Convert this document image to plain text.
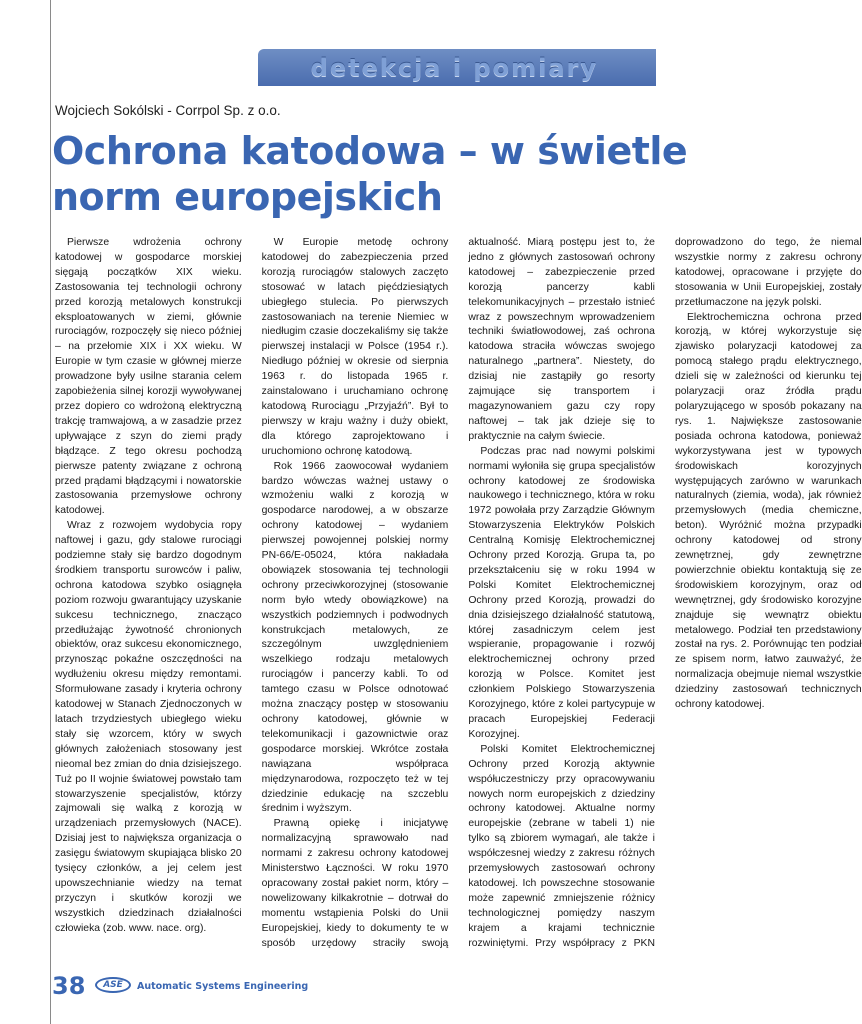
detekcja i pomiary
Wojciech Sokólski - Corrpol Sp. z o.o.
Ochrona katodowa – w świetle norm europejskich

Pierwsze wdrożenia ochrony katodowej w gospodarce morskiej sięgają początków XIX wieku. Zastosowania tej technologii ochrony przed korozją metalowych konstrukcji eksploatowanych w ziemi, głównie rurociągów, rozpoczęły się nieco później – na przełomie XIX i XX wieku. W Europie w tym czasie w głównej mierze prowadzone były usilne starania celem zapobieżenia silnej korozji wywoływanej przez dopiero co wdrożoną elektryczną trakcję tramwajową, a w zasadzie przez upływające z szyn do ziemi prądy błądzące. Z tego okresu pochodzą pierwsze patenty związane z ochroną przed prądami błądzącymi i nowatorskie zastosowania przemysłowe ochrony katodowej.

Wraz z rozwojem wydobycia ropy naftowej i gazu, gdy stalowe rurociągi podziemne stały się bardzo dogodnym środkiem transportu surowców i paliw, ochrona katodowa szybko osiągnęła poziom rozwoju gwarantujący uzyskanie sukcesu technicznego, znacząco przedłużając żywotność chronionych obiektów, oraz sukcesu ekonomicznego, przynosząc pokaźne oszczędności na wydłużeniu okresu między remontami. Sformułowane zasady i kryteria ochrony katodowej w Stanach Zjednoczonych w latach trzydziestych ubiegłego wieku stały się wzorcem, który w swych głównych założeniach stosowany jest nieomal bez zmian do dnia dzisiejszego. Tuż po II wojnie światowej powstało tam stowarzyszenie specjalistów, którzy zajmowali się walką z korozją w urządzeniach przemysłowych (NACE). Dzisiaj jest to największa organizacja o zasięgu światowym skupiająca blisko 20 tysięcy członków, a jej celem jest upowszechnianie wiedzy na temat przyczyn i skutków korozji we wszystkich dziedzinach działalności człowieka (zob. www. nace. org).

W Europie metodę ochrony katodowej do zabezpieczenia przed korozją rurociągów stalowych zaczęto stosować w latach pięćdziesiątych ubiegłego stulecia. Po pierwszych zastosowaniach na terenie Niemiec w niedługim czasie doczekaliśmy się także pierwszej instalacji w Polsce (1954 r.). Niedługo później w okresie od sierpnia 1963 r. do listopada 1965 r. zainstalowano i uruchamiano ochronę katodową Rurociągu „Przyjaźń”. Był to pierwszy w kraju ważny i duży obiekt, dla którego zaprojektowano i uruchomiono ochronę katodową.

Rok 1966 zaowocował wydaniem bardzo wówczas ważnej ustawy o wzmożeniu walki z korozją w gospodarce narodowej, a w obszarze ochrony katodowej – wydaniem pierwszej powojennej polskiej normy PN-66/E-05024, która nakładała obowiązek stosowania tej technologii ochrony przeciwkorozyjnej (stosowanie norm było wtedy obowiązkowe) na wszystkich podziemnych i podwodnych konstrukcjach metalowych, ze szczególnym uwzględnieniem wszelkiego rodzaju metalowych rurociągów i pancerzy kabli. To od tamtego czasu w Polsce odnotować można znaczący postęp w stosowaniu ochrony katodowej, głównie w telekomunikacji i gazownictwie oraz gospodarce morskiej. Wkrótce została nawiązana współpraca międzynarodowa, rozpoczęto też w tej dziedzinie edukację na szczeblu średnim i wyższym.

Prawną opiekę i inicjatywę normalizacyjną sprawowało nad normami z zakresu ochrony katodowej Ministerstwo Łączności. W roku 1970 opracowany został pakiet norm, który – nowelizowany kilkakrotnie – dotrwał do momentu wstąpienia Polski do Unii Europejskiej, kiedy to dokumenty te w sposób urzędowy straciły swoją aktualność. Miarą postępu jest to, że jedno z głównych zastosowań ochrony katodowej – zabezpieczenie przed korozją pancerzy kabli telekomunikacyjnych – przestało istnieć wraz z powszechnym wprowadzeniem techniki światłowodowej, zaś ochrona katodowa straciła wówczas swojego naturalnego „partnera”. Niestety, do dzisiaj nie zastąpiły go resorty zajmujące się transportem i magazynowaniem gazu czy ropy naftowej – tak jak dzieje się to praktycznie na całym świecie.

Podczas prac nad nowymi polskimi normami wyłoniła się grupa specjalistów ochrony katodowej ze środowiska naukowego i technicznego, która w roku 1972 powołała przy Zarządzie Głównym Stowarzyszenia Elektryków Polskich Centralną Komisję Elektrochemicznej Ochrony przed Korozją. Grupa ta, po przekształceniu się w roku 1994 w Polski Komitet Elektrochemicznej Ochrony przed Korozją, prowadzi do dnia dzisiejszego działalność statutową, której zasadniczym celem jest wspieranie, propagowanie i rozwój elektrochemicznej ochrony przed korozją w Polsce. Komitet jest członkiem Polskiego Stowarzyszenia Korozyjnego, które z kolei partycypuje w pracach Europejskiej Federacji Korozyjnej.

Polski Komitet Elektrochemicznej Ochrony przed Korozją aktywnie współuczestniczy przy opracowywaniu nowych norm europejskich z dziedziny ochrony katodowej. Aktualne normy europejskie (zebrane w tabeli 1) nie tylko są zbiorem wymagań, ale także i współczesnej wiedzy z zakresu różnych przemysłowych zastosowań ochrony katodowej. Ich powszechne stosowanie może zapewnić zmniejszenie różnicy technologicznej pomiędzy naszym krajem a krajami technicznie rozwiniętymi. Przy współpracy z PKN doprowadzono do tego, że niemal wszystkie normy z zakresu ochrony katodowej, opracowane i przyjęte do stosowania w Unii Europejskiej, zostały przetłumaczone na język polski.

Elektrochemiczna ochrona przed korozją, w której wykorzystuje się zjawisko polaryzacji katodowej za pomocą stałego prądu elektrycznego, dzieli się w zależności od kierunku tej polaryzacji oraz źródła prądu polaryzującego w sposób pokazany na rys. 1. Największe zastosowanie posiada ochrona katodowa, ponieważ wykorzystywana jest w typowych środowiskach korozyjnych występujących zarówno w warunkach naturalnych (ziemia, woda), jak również przemysłowych (media chemiczne, beton). Wyróżnić można przypadki ochrony katodowej od strony zewnętrznej, gdy zewnętrzne powierzchnie obiektu kontaktują się ze środowiskiem korozyjnym, oraz od wewnętrznej, gdy środowisko korozyjne znajduje się wewnątrz obiektu metalowego. Podział ten przedstawiony został na rys. 2. Porównując ten podział ze spisem norm, łatwo zauważyć, że normalizacja obejmuje niemal wszystkie dziedziny zastosowań technicznych ochrony katodowej.

38	ASE	Automatic Systems Engineering
